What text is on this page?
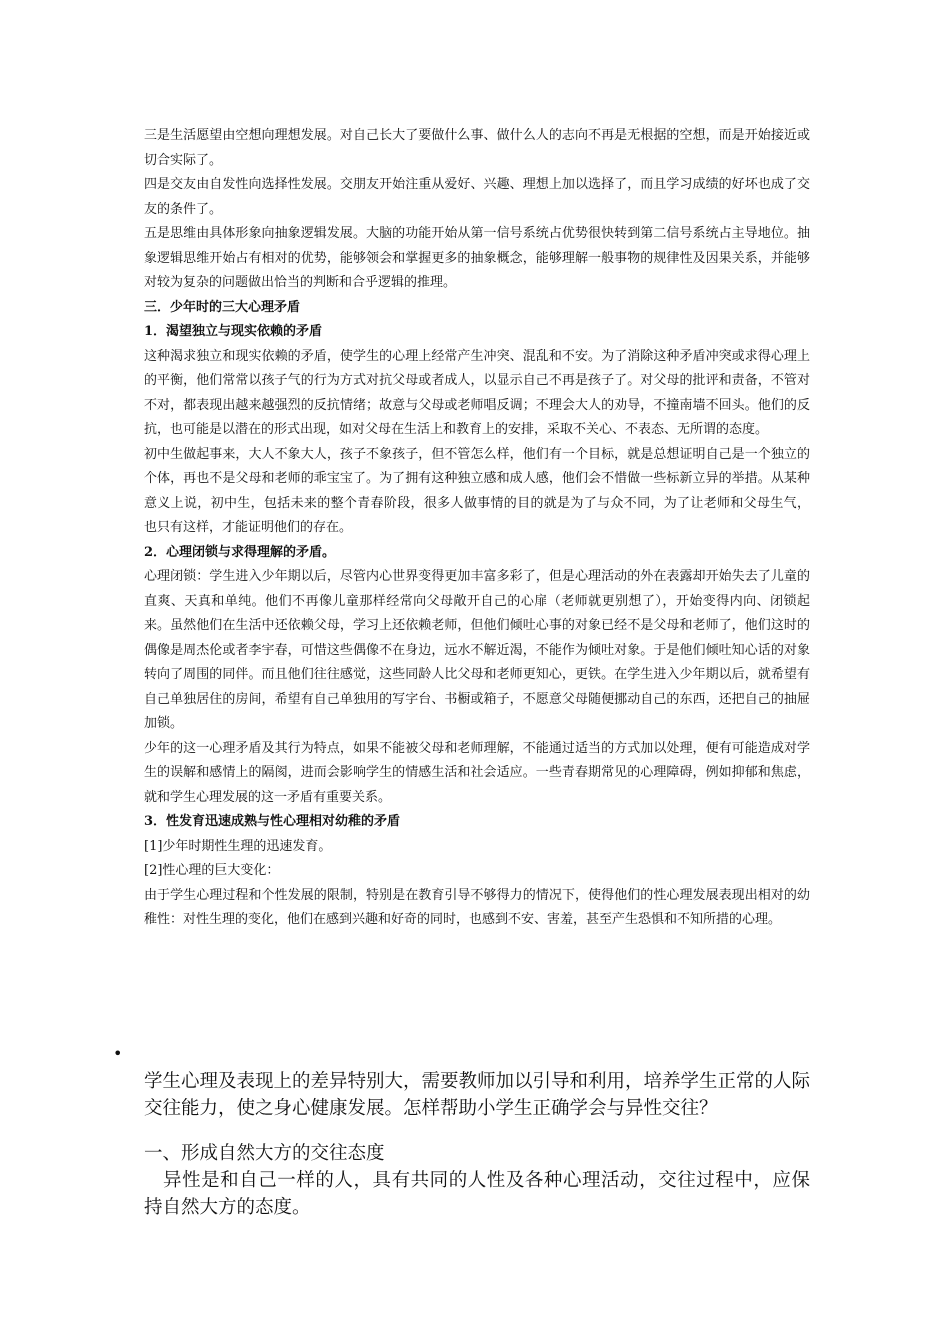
三是生活愿望由空想向理想发展。对自己长大了要做什么事、做什么人的志向不再是无根据的空想，而是开始接近或切合实际了。

四是交友由自发性向选择性发展。交朋友开始注重从爱好、兴趣、理想上加以选择了，而且学习成绩的好坏也成了交友的条件了。

五是思维由具体形象向抽象逻辑发展。大脑的功能开始从第一信号系统占优势很快转到第二信号系统占主导地位。抽象逻辑思维开始占有相对的优势，能够领会和掌握更多的抽象概念，能够理解一般事物的规律性及因果关系，并能够对较为复杂的问题做出恰当的判断和合乎逻辑的推理。

三．少年时的三大心理矛盾

1．渴望独立与现实依赖的矛盾

这种渴求独立和现实依赖的矛盾，使学生的心理上经常产生冲突、混乱和不安。为了消除这种矛盾冲突或求得心理上的平衡，他们常常以孩子气的行为方式对抗父母或者成人，以显示自己不再是孩子了。对父母的批评和责备，不管对不对，都表现出越来越强烈的反抗情绪；故意与父母或老师唱反调；不理会大人的劝导，不撞南墙不回头。他们的反抗，也可能是以潜在的形式出现，如对父母在生活上和教育上的安排，采取不关心、不表态、无所谓的态度。

初中生做起事来，大人不象大人，孩子不象孩子，但不管怎么样，他们有一个目标，就是总想证明自己是一个独立的个体，再也不是父母和老师的乖宝宝了。为了拥有这种独立感和成人感，他们会不惜做一些标新立异的举措。从某种意义上说，初中生，包括未来的整个青春阶段，很多人做事情的目的就是为了与众不同，为了让老师和父母生气， 也只有这样，才能证明他们的存在。

2．心理闭锁与求得理解的矛盾。

心理闭锁：学生进入少年期以后，尽管内心世界变得更加丰富多彩了，但是心理活动的外在表露却开始失去了儿童的直爽、天真和单纯。他们不再像儿童那样经常向父母敞开自己的心扉（老师就更别想了），开始变得内向、闭锁起来。虽然他们在生活中还依赖父母，学习上还依赖老师，但他们倾吐心事的对象已经不是父母和老师了，他们这时的偶像是周杰伦或者李宇春，可惜这些偶像不在身边，远水不解近渴，不能作为倾吐对象。于是他们倾吐知心话的对象转向了周围的同伴。而且他们往往感觉，这些同龄人比父母和老师更知心，更铁。在学生进入少年期以后，就希望有自己单独居住的房间，希望有自己单独用的写字台、书橱或箱子，不愿意父母随便挪动自己的东西，还把自己的抽屉加锁。

少年的这一心理矛盾及其行为特点，如果不能被父母和老师理解，不能通过适当的方式加以处理，便有可能造成对学生的误解和感情上的隔阂，进而会影响学生的情感生活和社会适应。一些青春期常见的心理障碍，例如抑郁和焦虑， 就和学生心理发展的这一矛盾有重要关系。

3．性发育迅速成熟与性心理相对幼稚的矛盾

[1]少年时期性生理的迅速发育。

[2]性心理的巨大变化：

由于学生心理过程和个性发展的限制，特别是在教育引导不够得力的情况下，使得他们的性心理发展表现出相对的幼稚性：对性生理的变化，他们在感到兴趣和好奇的同时，也感到不安、害羞，甚至产生恐惧和不知所措的心理。

•

学生心理及表现上的差异特别大，需要教师加以引导和利用，培养学生正常的人际交往能力，使之身心健康发展。怎样帮助小学生正确学会与异性交往？

一、形成自然大方的交往态度

　异性是和自己一样的人，具有共同的人性及各种心理活动，交往过程中，应保持自然大方的态度。
